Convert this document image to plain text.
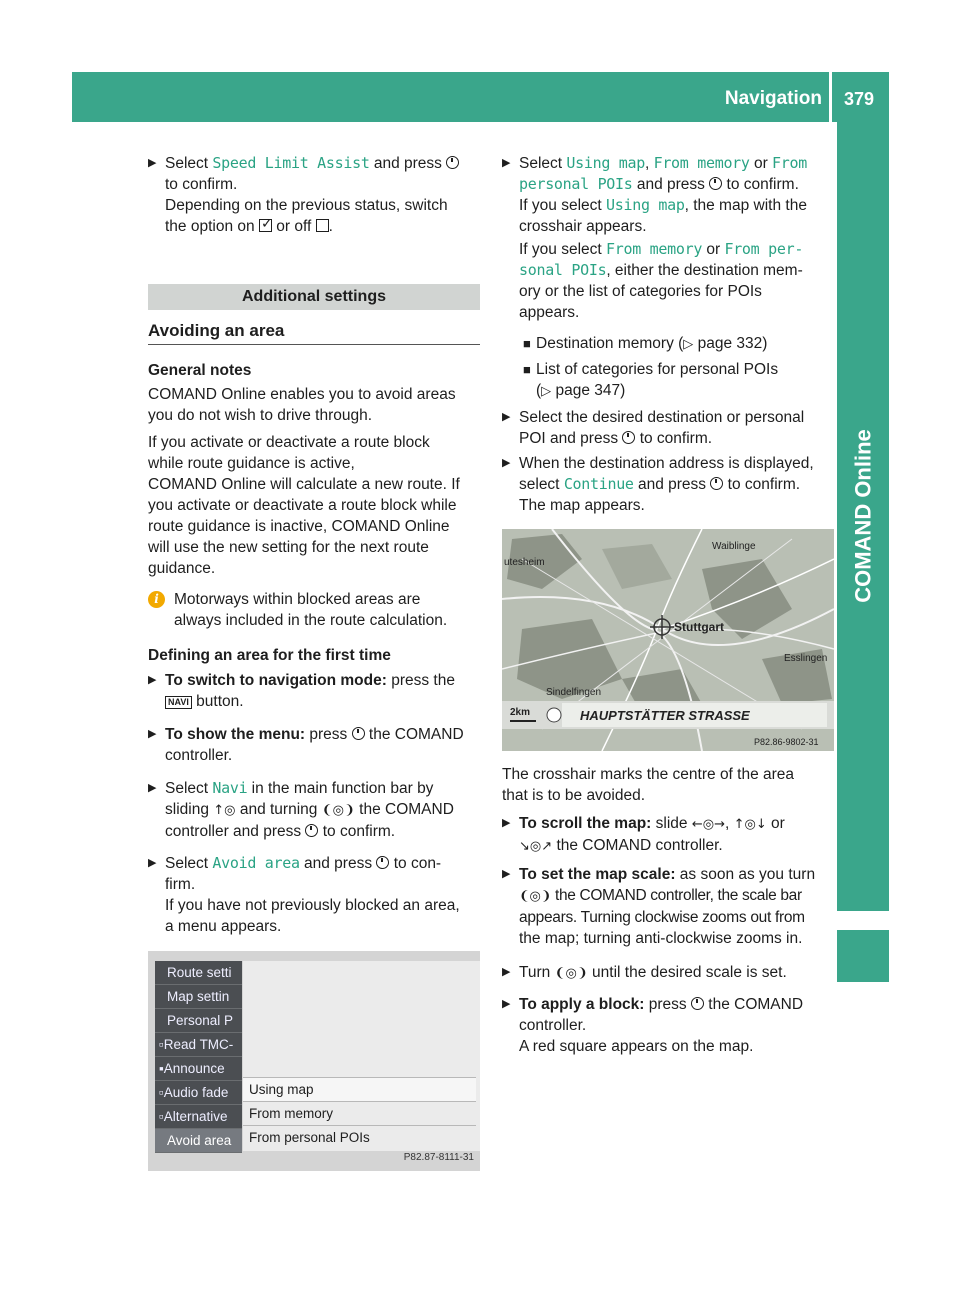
Navigation	379
COMAND Online
▶ Select Speed Limit Assist and press
to confirm.
Depending on the previous status, switch
the option on ✓ or off .
Additional settings
Avoiding an area
General notes
COMAND Online enables you to avoid areas
you do not wish to drive through.
If you activate or deactivate a route block
while route guidance is active,
COMAND Online will calculate a new route. If
you activate or deactivate a route block while
route guidance is inactive, COMAND Online
will use the new setting for the next route
guidance.
i Motorways within blocked areas are
always included in the route calculation.
Defining an area for the first time
▶ To switch to navigation mode: press the
NAVI button.
▶ To show the menu: press  the COMAND
controller.
▶ Select Navi in the main function bar by
sliding ↑◎ and turning ❨◎❩ the COMAND
controller and press  to confirm.
▶ Select Avoid area and press  to con-
firm.
If you have not previously blocked an area,
a menu appears.
Route setti
Map settin
Personal P
▫Read TMC-
▪Announce
▫Audio fade
▫Alternative
Avoid area
Using map
From memory
From personal POIs
P82.87-8111-31
▶ Select Using map, From memory or From
personal POIs and press  to confirm.
If you select Using map, the map with the
crosshair appears.
If you select From memory or From per‐
sonal POIs, either the destination mem-
ory or the list of categories for POIs
appears.
■ Destination memory (▷ page 332)
■ List of categories for personal POIs
(▷ page 347)
▶ Select the desired destination or personal
POI and press  to confirm.
▶ When the destination address is displayed,
select Continue and press  to confirm.
The map appears.
2km
Waiblinge
utesheim
Stuttgart
Esslingen
Sindelfingen
HAUPTSTÄTTER STRASSE
P82.86-9802-31
The crosshair marks the centre of the area
that is to be avoided.
▶ To scroll the map: slide ←◎→, ↑◎↓ or
↘◎↗ the COMAND controller.
▶ To set the map scale: as soon as you turn
❨◎❩ the COMAND controller, the scale bar
appears. Turning clockwise zooms out from
the map; turning anti-clockwise zooms in.
▶ Turn ❨◎❩ until the desired scale is set.
▶ To apply a block: press  the COMAND
controller.
A red square appears on the map.
